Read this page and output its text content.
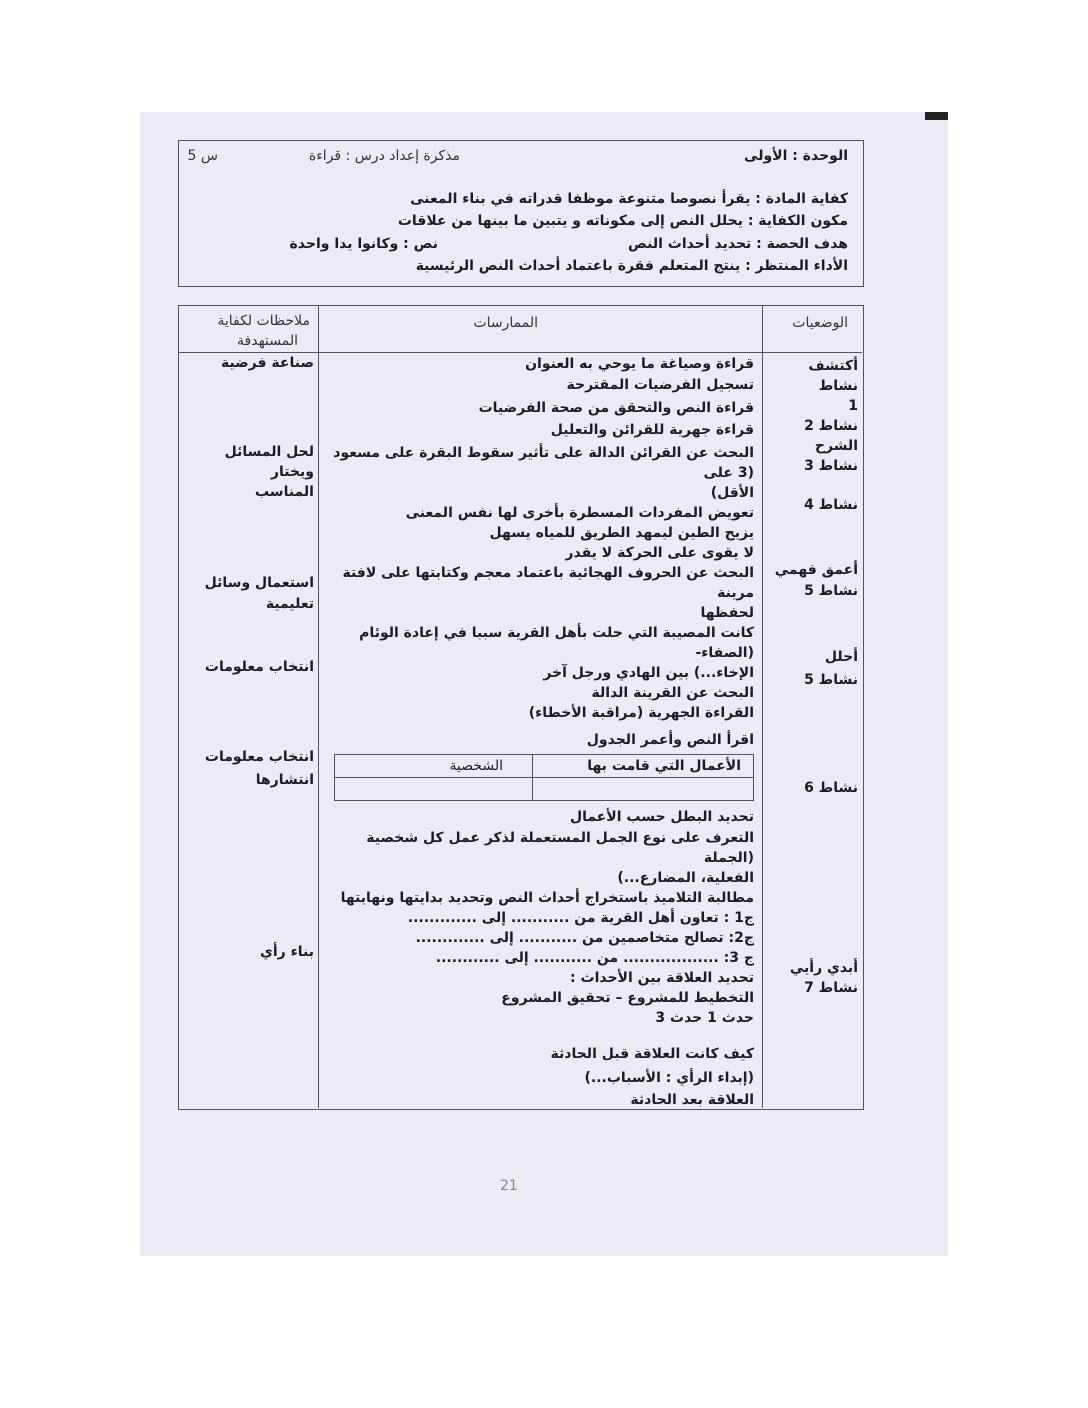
الوحدة : الأولى
مذكرة إعداد درس : قراءة
س 5
كفاية المادة : يقرأ نصوصا متنوعة موظفا قدراته في بناء المعنى
مكون الكفاية : يحلل النص إلى مكوناته و يتبين ما بينها من علاقات
هدف الحصة : تحديد أحداث النص
نص : وكانوا يدا واحدة
الأداء المنتظر : ينتج المتعلم فقرة باعتماد أحداث النص الرئيسية
الوضعيات
الممارسات
ملاحظات لكفاية
المستهدفة
أكتشف نشاط
1
نشاط 2
الشرح
نشاط 3
نشاط 4
أعمق فهمي
نشاط 5
أحلل
نشاط 5
نشاط 6
أبدي رأيي
نشاط 7
قراءة وصياغة ما يوحي به العنوان
تسجيل الفرضيات المقترحة
قراءة النص والتحقق من صحة الفرضيات
قراءة جهرية للقرائن والتعليل
البحث عن القرائن الدالة على تأثير سقوط البقرة على مسعود (3 على
الأقل)
تعويض المفردات المسطرة بأخرى لها نفس المعنى
يزيح الطين ليمهد الطريق للمياه يسهل
لا يقوى على الحركة لا يقدر
البحث عن الحروف الهجائية باعتماد معجم وكتابتها على لافتة مرينة
لحفظها
كانت المصيبة التي حلت بأهل القرية سببا في إعادة الوئام (الصفاء-
الإخاء...) بين الهادي ورجل آخر
البحث عن القرينة الدالة
القراءة الجهرية (مراقبة الأخطاء)
اقرأ النص وأعمر الجدول
الأعمال التي قامت بها
الشخصية
تحديد البطل حسب الأعمال
التعرف على نوع الجمل المستعملة لذكر عمل كل شخصية (الجملة
الفعلية، المضارع...)
مطالبة التلاميذ باستخراج أحداث النص وتحديد بدايتها ونهايتها
ج1 : تعاون أهل القرية من ........... إلى .............
ج2: تصالح متخاصمين من ........... إلى .............
ج 3: .................. من ........... إلى ............
تحديد العلاقة بين الأحداث :
التخطيط للمشروع – تحقيق المشروع
حدث 1 حدث 3
كيف كانت العلاقة قبل الحادثة
(إبداء الرأي : الأسباب...)
العلاقة بعد الحادثة
صناعة فرضية
لحل المسائل ويختار
المناسب
استعمال وسائل
تعليمية
انتخاب معلومات
انتخاب معلومات
انتشارها
بناء رأي
21
